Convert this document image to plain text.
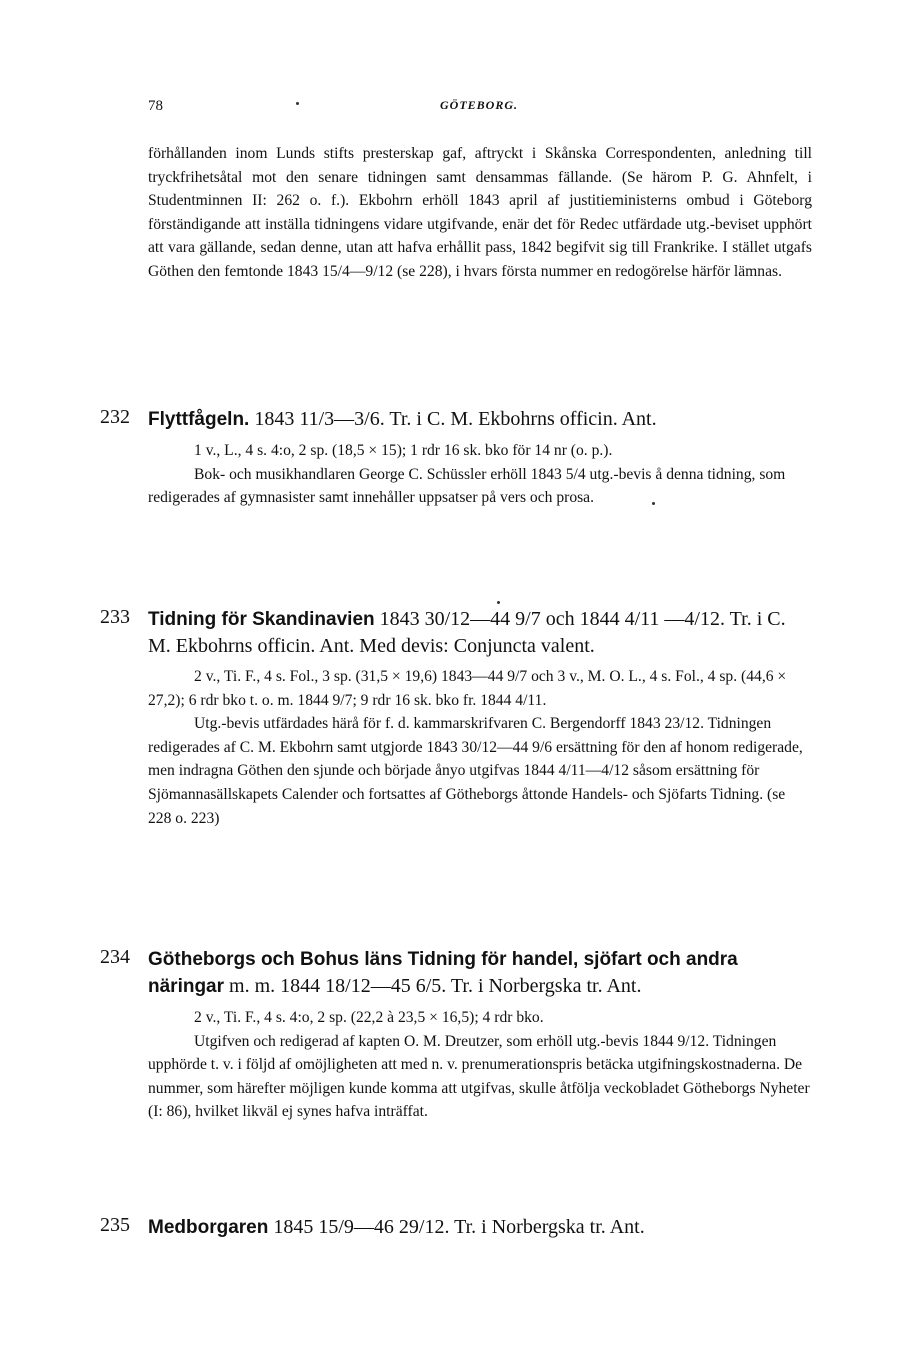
78	GÖTEBORG.

förhållanden inom Lunds stifts presterskap gaf, aftryckt i Skånska Correspondenten, anledning till tryckfrihetsåtal mot den senare tidningen samt densammas fällande. (Se härom P. G. Ahnfelt, i Studentminnen II: 262 o. f.). Ekbohrn erhöll 1843 april af justitieministerns ombud i Göteborg förständigande att inställa tidningens vidare utgifvande, enär det för Redec utfärdade utg.-beviset upphört att vara gällande, sedan denne, utan att hafva erhållit pass, 1842 begifvit sig till Frankrike. I stället utgafs Göthen den femtonde 1843 15/4—9/12 (se 228), i hvars första nummer en redogörelse härför lämnas.

232 Flyttfågeln. 1843 11/3—3/6. Tr. i C. M. Ekbohrns officin. Ant.

1 v., L., 4 s. 4:o, 2 sp. (18,5 × 15); 1 rdr 16 sk. bko för 14 nr (o. p.).

Bok- och musikhandlaren George C. Schüssler erhöll 1843 5/4 utg.-bevis å denna tidning, som redigerades af gymnasister samt innehåller uppsatser på vers och prosa.

233 Tidning för Skandinavien 1843 30/12—44 9/7 och 1844 4/11 —4/12. Tr. i C. M. Ekbohrns officin. Ant. Med devis: Conjuncta valent.

2 v., Ti. F., 4 s. Fol., 3 sp. (31,5 × 19,6) 1843—44 9/7 och 3 v., M. O. L., 4 s. Fol., 4 sp. (44,6 × 27,2); 6 rdr bko t. o. m. 1844 9/7; 9 rdr 16 sk. bko fr. 1844 4/11.

Utg.-bevis utfärdades härå för f. d. kammarskrifvaren C. Bergendorff 1843 23/12. Tidningen redigerades af C. M. Ekbohrn samt utgjorde 1843 30/12—44 9/6 ersättning för den af honom redigerade, men indragna Göthen den sjunde och började ånyo utgifvas 1844 4/11—4/12 såsom ersättning för Sjömannasällskapets Calender och fortsattes af Götheborgs åttonde Handels- och Sjöfarts Tidning. (se 228 o. 223)

234 Götheborgs och Bohus läns Tidning för handel, sjöfart och andra näringar m. m. 1844 18/12—45 6/5. Tr. i Norbergska tr. Ant.

2 v., Ti. F., 4 s. 4:o, 2 sp. (22,2 à 23,5 × 16,5); 4 rdr bko.

Utgifven och redigerad af kapten O. M. Dreutzer, som erhöll utg.-bevis 1844 9/12. Tidningen upphörde t. v. i följd af omöjligheten att med n. v. prenumerationspris betäcka utgifningskostnaderna. De nummer, som härefter möjligen kunde komma att utgifvas, skulle åtfölja veckobladet Götheborgs Nyheter (I: 86), hvilket likväl ej synes hafva inträffat.

235 Medborgaren 1845 15/9—46 29/12. Tr. i Norbergska tr. Ant.
